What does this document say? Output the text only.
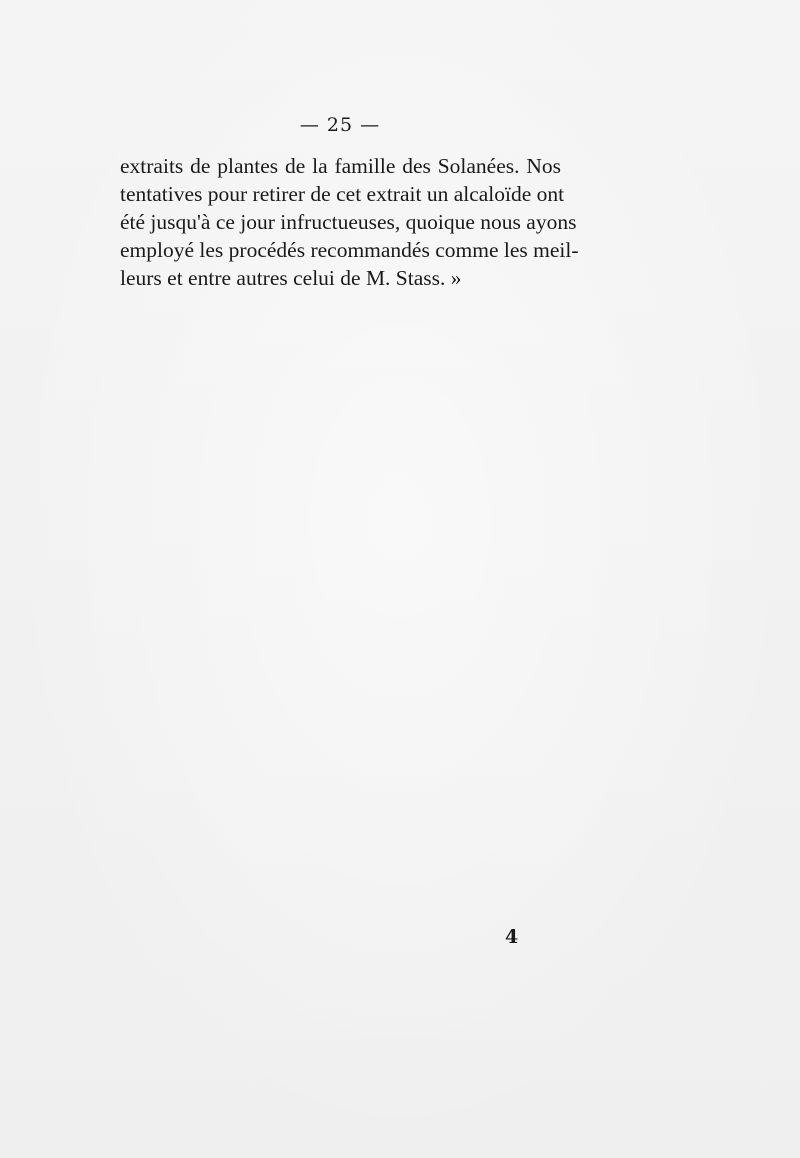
— 25 —
extraits de plantes de la famille des Solanées. Nos
tentatives pour retirer de cet extrait un alcaloïde ont
été jusqu'à ce jour infructueuses, quoique nous ayons
employé les procédés recommandés comme les meil-
leurs et entre autres celui de M. Stass. »
4
